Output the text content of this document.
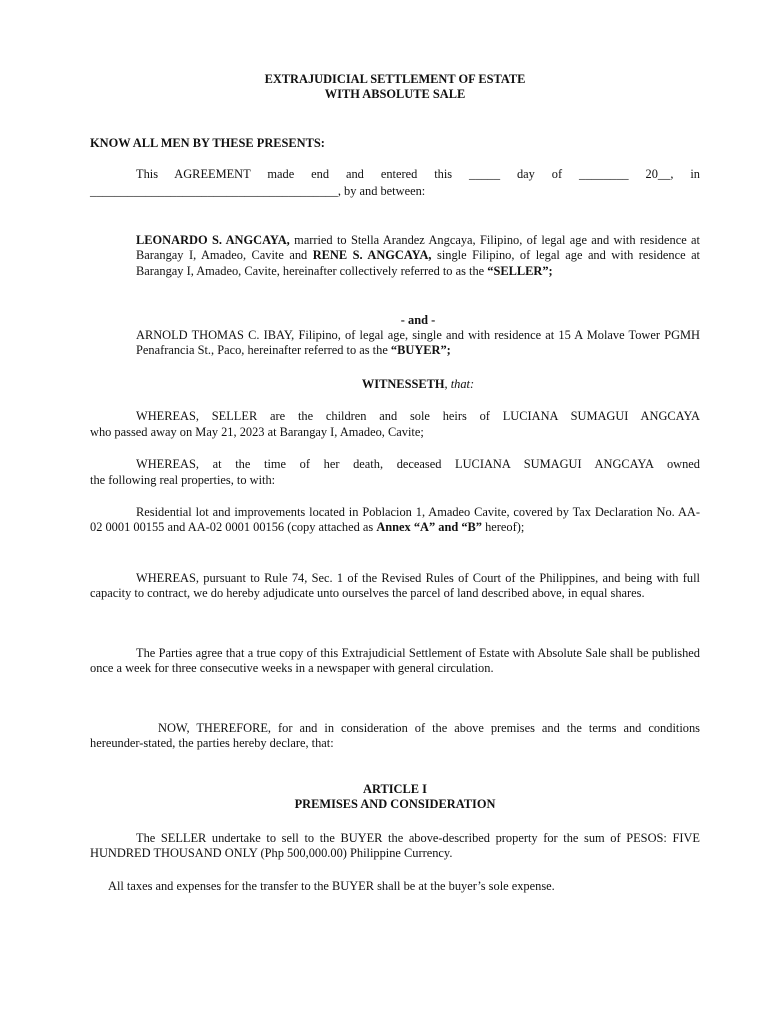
EXTRAJUDICIAL SETTLEMENT OF ESTATE
WITH ABSOLUTE SALE
KNOW ALL MEN BY THESE PRESENTS:
This AGREEMENT made end and entered this _____ day of ________ 20__, in
________________________________________, by and between:
LEONARDO S. ANGCAYA, married to Stella Arandez Angcaya, Filipino, of legal age and with residence at Barangay I, Amadeo, Cavite and RENE S. ANGCAYA, single Filipino, of legal age and with residence at Barangay I, Amadeo, Cavite, hereinafter collectively referred to as the “SELLER”;
- and -
ARNOLD THOMAS C. IBAY, Filipino, of legal age, single and with residence at 15 A Molave Tower PGMH Penafrancia St., Paco, hereinafter referred to as the “BUYER”;
WITNESSETH, that:
WHEREAS, SELLER are the children and sole heirs of LUCIANA SUMAGUI ANGCAYA
who passed away on May 21, 2023 at Barangay I, Amadeo, Cavite;
WHEREAS, at the time of her death, deceased LUCIANA SUMAGUI ANGCAYA owned
the following real properties, to with:
Residential lot and improvements located in Poblacion 1, Amadeo Cavite, covered by Tax Declaration No. AA-02 0001 00155 and AA-02 0001 00156 (copy attached as Annex “A” and “B” hereof);
WHEREAS, pursuant to Rule 74, Sec. 1 of the Revised Rules of Court of the Philippines, and being with full capacity to contract, we do hereby adjudicate unto ourselves the parcel of land described above, in equal shares.
The Parties agree that a true copy of this Extrajudicial Settlement of Estate with Absolute Sale shall be published once a week for three consecutive weeks in a newspaper with general circulation.
NOW, THEREFORE, for and in consideration of the above premises and the terms and conditions hereunder-stated, the parties hereby declare, that:
ARTICLE I
PREMISES AND CONSIDERATION
The SELLER undertake to sell to the BUYER the above-described property for the sum of PESOS: FIVE HUNDRED THOUSAND ONLY (Php 500,000.00) Philippine Currency.
All taxes and expenses for the transfer to the BUYER shall be at the buyer’s sole expense.
